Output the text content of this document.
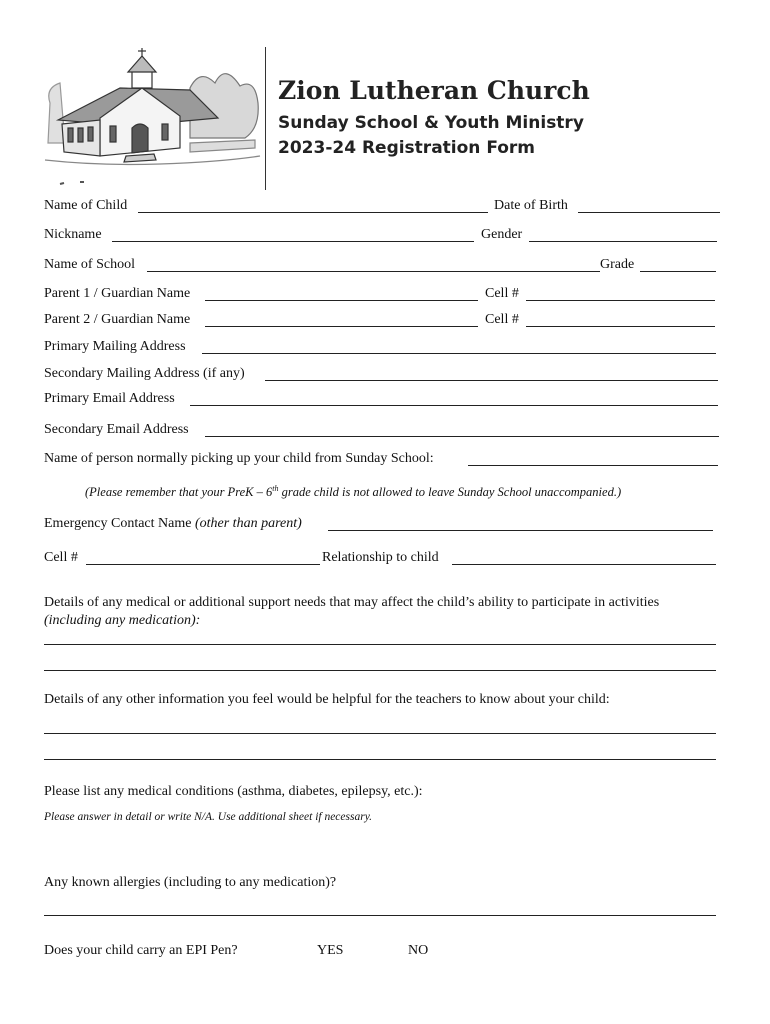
Zion Lutheran Church
Sunday School & Youth Ministry
2023-24 Registration Form
Name of Child	Date of Birth
Nickname	Gender
Name of School	Grade
Parent 1 / Guardian Name	Cell #
Parent 2 / Guardian Name	Cell #
Primary Mailing Address
Secondary Mailing Address (if any)
Primary Email Address
Secondary Email Address
Name of person normally picking up your child from Sunday School:
(Please remember that your PreK – 6th grade child is not allowed to leave Sunday School unaccompanied.)
Emergency Contact Name (other than parent)
Cell #	Relationship to child
Details of any medical or additional support needs that may affect the child’s ability to participate in activities
(including any medication):
Details of any other information you feel would be helpful for the teachers to know about your child:
Please list any medical conditions (asthma, diabetes, epilepsy, etc.):
Please answer in detail or write N/A. Use additional sheet if necessary.
Any known allergies (including to any medication)?
Does your child carry an EPI Pen?	YES	NO
